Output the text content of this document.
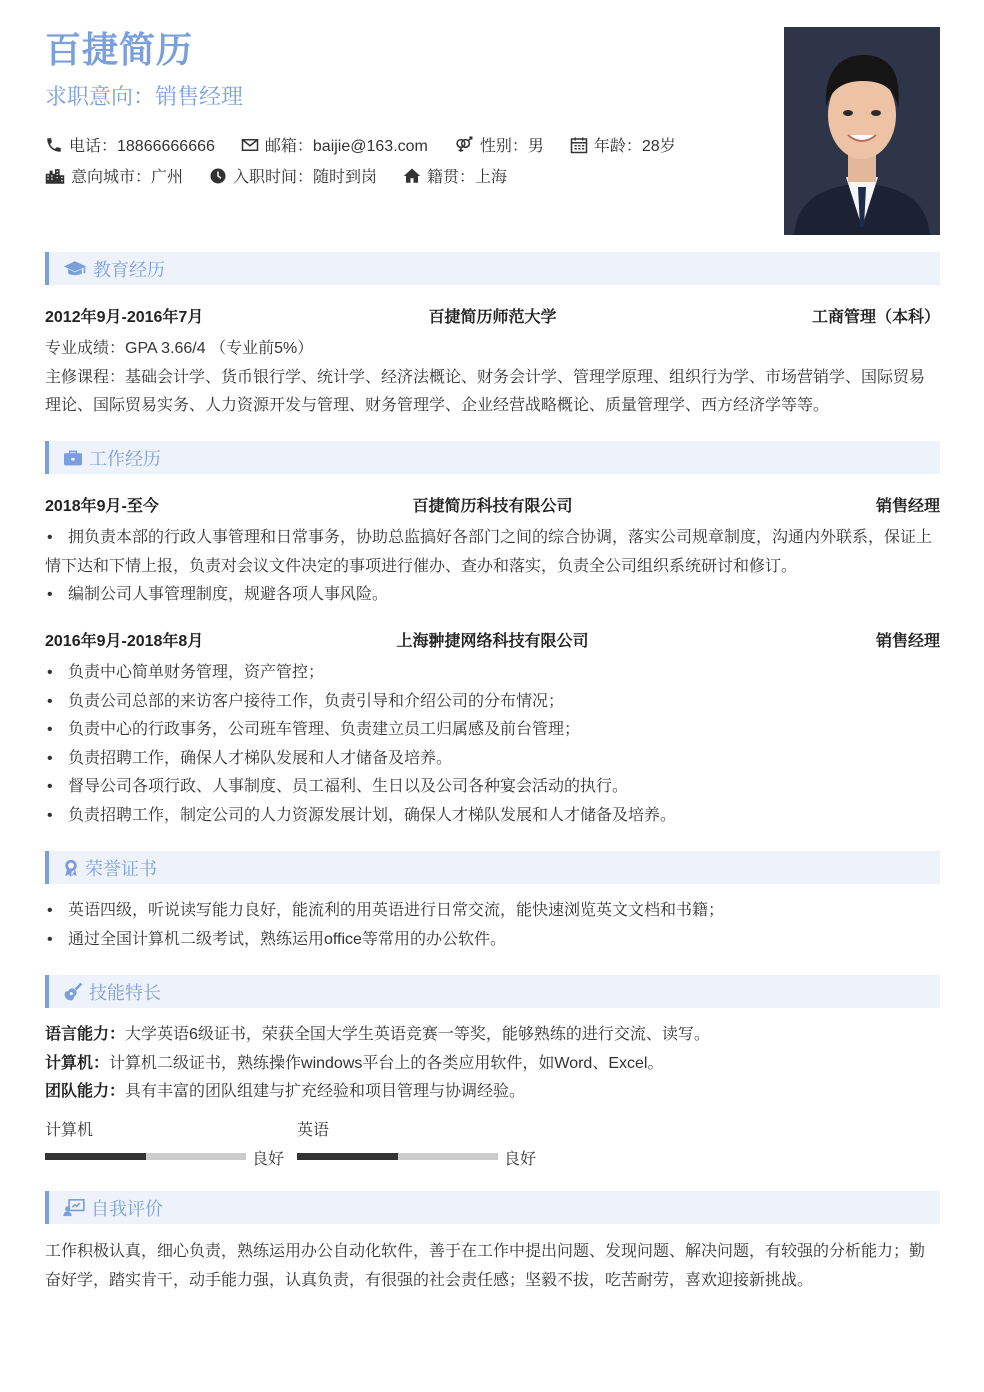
百捷简历
求职意向：销售经理
电话：18866666666	邮箱：baijie@163.com	性别：男	年龄：28岁
意向城市：广州	入职时间：随时到岗	籍贯：上海
教育经历
2012年9月-2016年7月	百捷简历师范大学	工商管理（本科）
专业成绩：GPA 3.66/4 （专业前5%）
主修课程：基础会计学、货币银行学、统计学、经济法概论、财务会计学、管理学原理、组织行为学、市场营销学、国际贸易理论、国际贸易实务、人力资源开发与管理、财务管理学、企业经营战略概论、质量管理学、西方经济学等等。
工作经历
2018年9月-至今	百捷简历科技有限公司	销售经理
• 拥负责本部的行政人事管理和日常事务，协助总监搞好各部门之间的综合协调，落实公司规章制度，沟通内外联系，保证上情下达和下情上报，负责对会议文件决定的事项进行催办、查办和落实，负责全公司组织系统研讨和修订。
• 编制公司人事管理制度，规避各项人事风险。
2016年9月-2018年8月	上海翀捷网络科技有限公司	销售经理
• 负责中心简单财务管理，资产管控；
• 负责公司总部的来访客户接待工作，负责引导和介绍公司的分布情况；
• 负责中心的行政事务，公司班车管理、负责建立员工归属感及前台管理；
• 负责招聘工作，确保人才梯队发展和人才储备及培养。
• 督导公司各项行政、人事制度、员工福利、生日以及公司各种宴会活动的执行。
• 负责招聘工作，制定公司的人力资源发展计划，确保人才梯队发展和人才储备及培养。
荣誉证书
• 英语四级，听说读写能力良好，能流利的用英语进行日常交流，能快速浏览英文文档和书籍；
• 通过全国计算机二级考试，熟练运用office等常用的办公软件。
技能特长
语言能力：大学英语6级证书，荣获全国大学生英语竞赛一等奖，能够熟练的进行交流、读写。
计算机：计算机二级证书，熟练操作windows平台上的各类应用软件，如Word、Excel。
团队能力：具有丰富的团队组建与扩充经验和项目管理与协调经验。
计算机
良好
英语
良好
自我评价
工作积极认真，细心负责，熟练运用办公自动化软件，善于在工作中提出问题、发现问题、解决问题，有较强的分析能力；勤奋好学，踏实肯干，动手能力强，认真负责，有很强的社会责任感；坚毅不拔，吃苦耐劳，喜欢迎接新挑战。
